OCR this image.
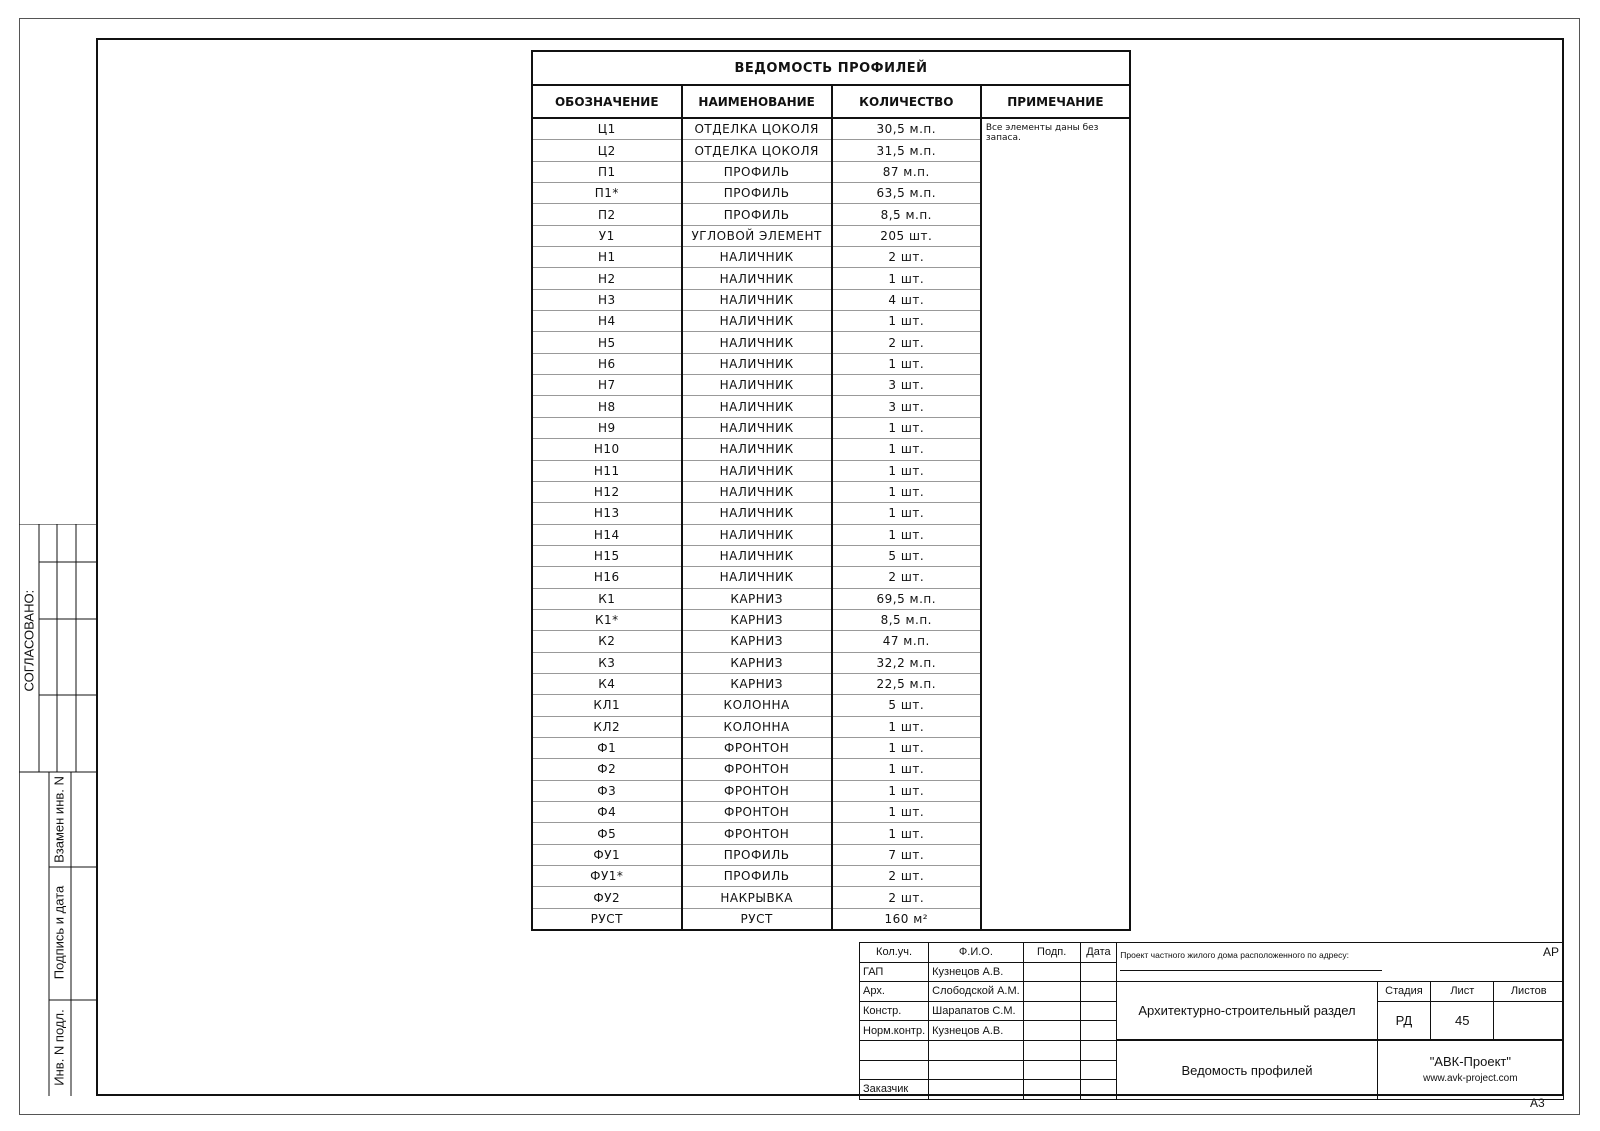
СОГЛАСОВАНО:
Взамен инв. N
Подпись и дата
Инв. N подл.
ВЕДОМОСТЬ ПРОФИЛЕЙ			
ОБОЗНАЧЕНИЕ	НАИМЕНОВАНИЕ	КОЛИЧЕСТВО	ПРИМЕЧАНИЕ
Ц1	ОТДЕЛКА ЦОКОЛЯ	30,5 м.п.	Все элементы даны без запаса.
Ц2	ОТДЕЛКА ЦОКОЛЯ	31,5 м.п.	
П1	ПРОФИЛЬ	87 м.п.	
П1*	ПРОФИЛЬ	63,5 м.п.	
П2	ПРОФИЛЬ	8,5 м.п.	
У1	УГЛОВОЙ ЭЛЕМЕНТ	205 шт.	
Н1	НАЛИЧНИК	2 шт.	
Н2	НАЛИЧНИК	1 шт.	
Н3	НАЛИЧНИК	4 шт.	
Н4	НАЛИЧНИК	1 шт.	
Н5	НАЛИЧНИК	2 шт.	
Н6	НАЛИЧНИК	1 шт.	
Н7	НАЛИЧНИК	3 шт.	
Н8	НАЛИЧНИК	3 шт.	
Н9	НАЛИЧНИК	1 шт.	
Н10	НАЛИЧНИК	1 шт.	
Н11	НАЛИЧНИК	1 шт.	
Н12	НАЛИЧНИК	1 шт.	
Н13	НАЛИЧНИК	1 шт.	
Н14	НАЛИЧНИК	1 шт.	
Н15	НАЛИЧНИК	5 шт.	
Н16	НАЛИЧНИК	2 шт.	
К1	КАРНИЗ	69,5 м.п.	
К1*	КАРНИЗ	8,5 м.п.	
К2	КАРНИЗ	47 м.п.	
К3	КАРНИЗ	32,2 м.п.	
К4	КАРНИЗ	22,5 м.п.	
КЛ1	КОЛОННА	5 шт.	
КЛ2	КОЛОННА	1 шт.	
Ф1	ФРОНТОН	1 шт.	
Ф2	ФРОНТОН	1 шт.	
Ф3	ФРОНТОН	1 шт.	
Ф4	ФРОНТОН	1 шт.	
Ф5	ФРОНТОН	1 шт.	
ФУ1	ПРОФИЛЬ	7 шт.	
ФУ1*	ПРОФИЛЬ	2 шт.	
ФУ2	НАКРЫВКА	2 шт.	
РУСТ	РУСТ	160 м²	
Кол.уч.	Ф.И.О.	Подп.	Дата	Проект частного жилого дома расположенного по адресу: АР			

ГАП	Кузнецов А.В.						
Арх.	Слободской А.М.			Архитектурно-строительный раздел	Стадия	Лист	Листов
Констр.	Шарапатов С.М.				РД	45	
Норм.контр.	Кузнецов А.В.						
				Ведомость профилей	"АВК-Проект"
www.avk-project.com		

Заказчик							
А3
